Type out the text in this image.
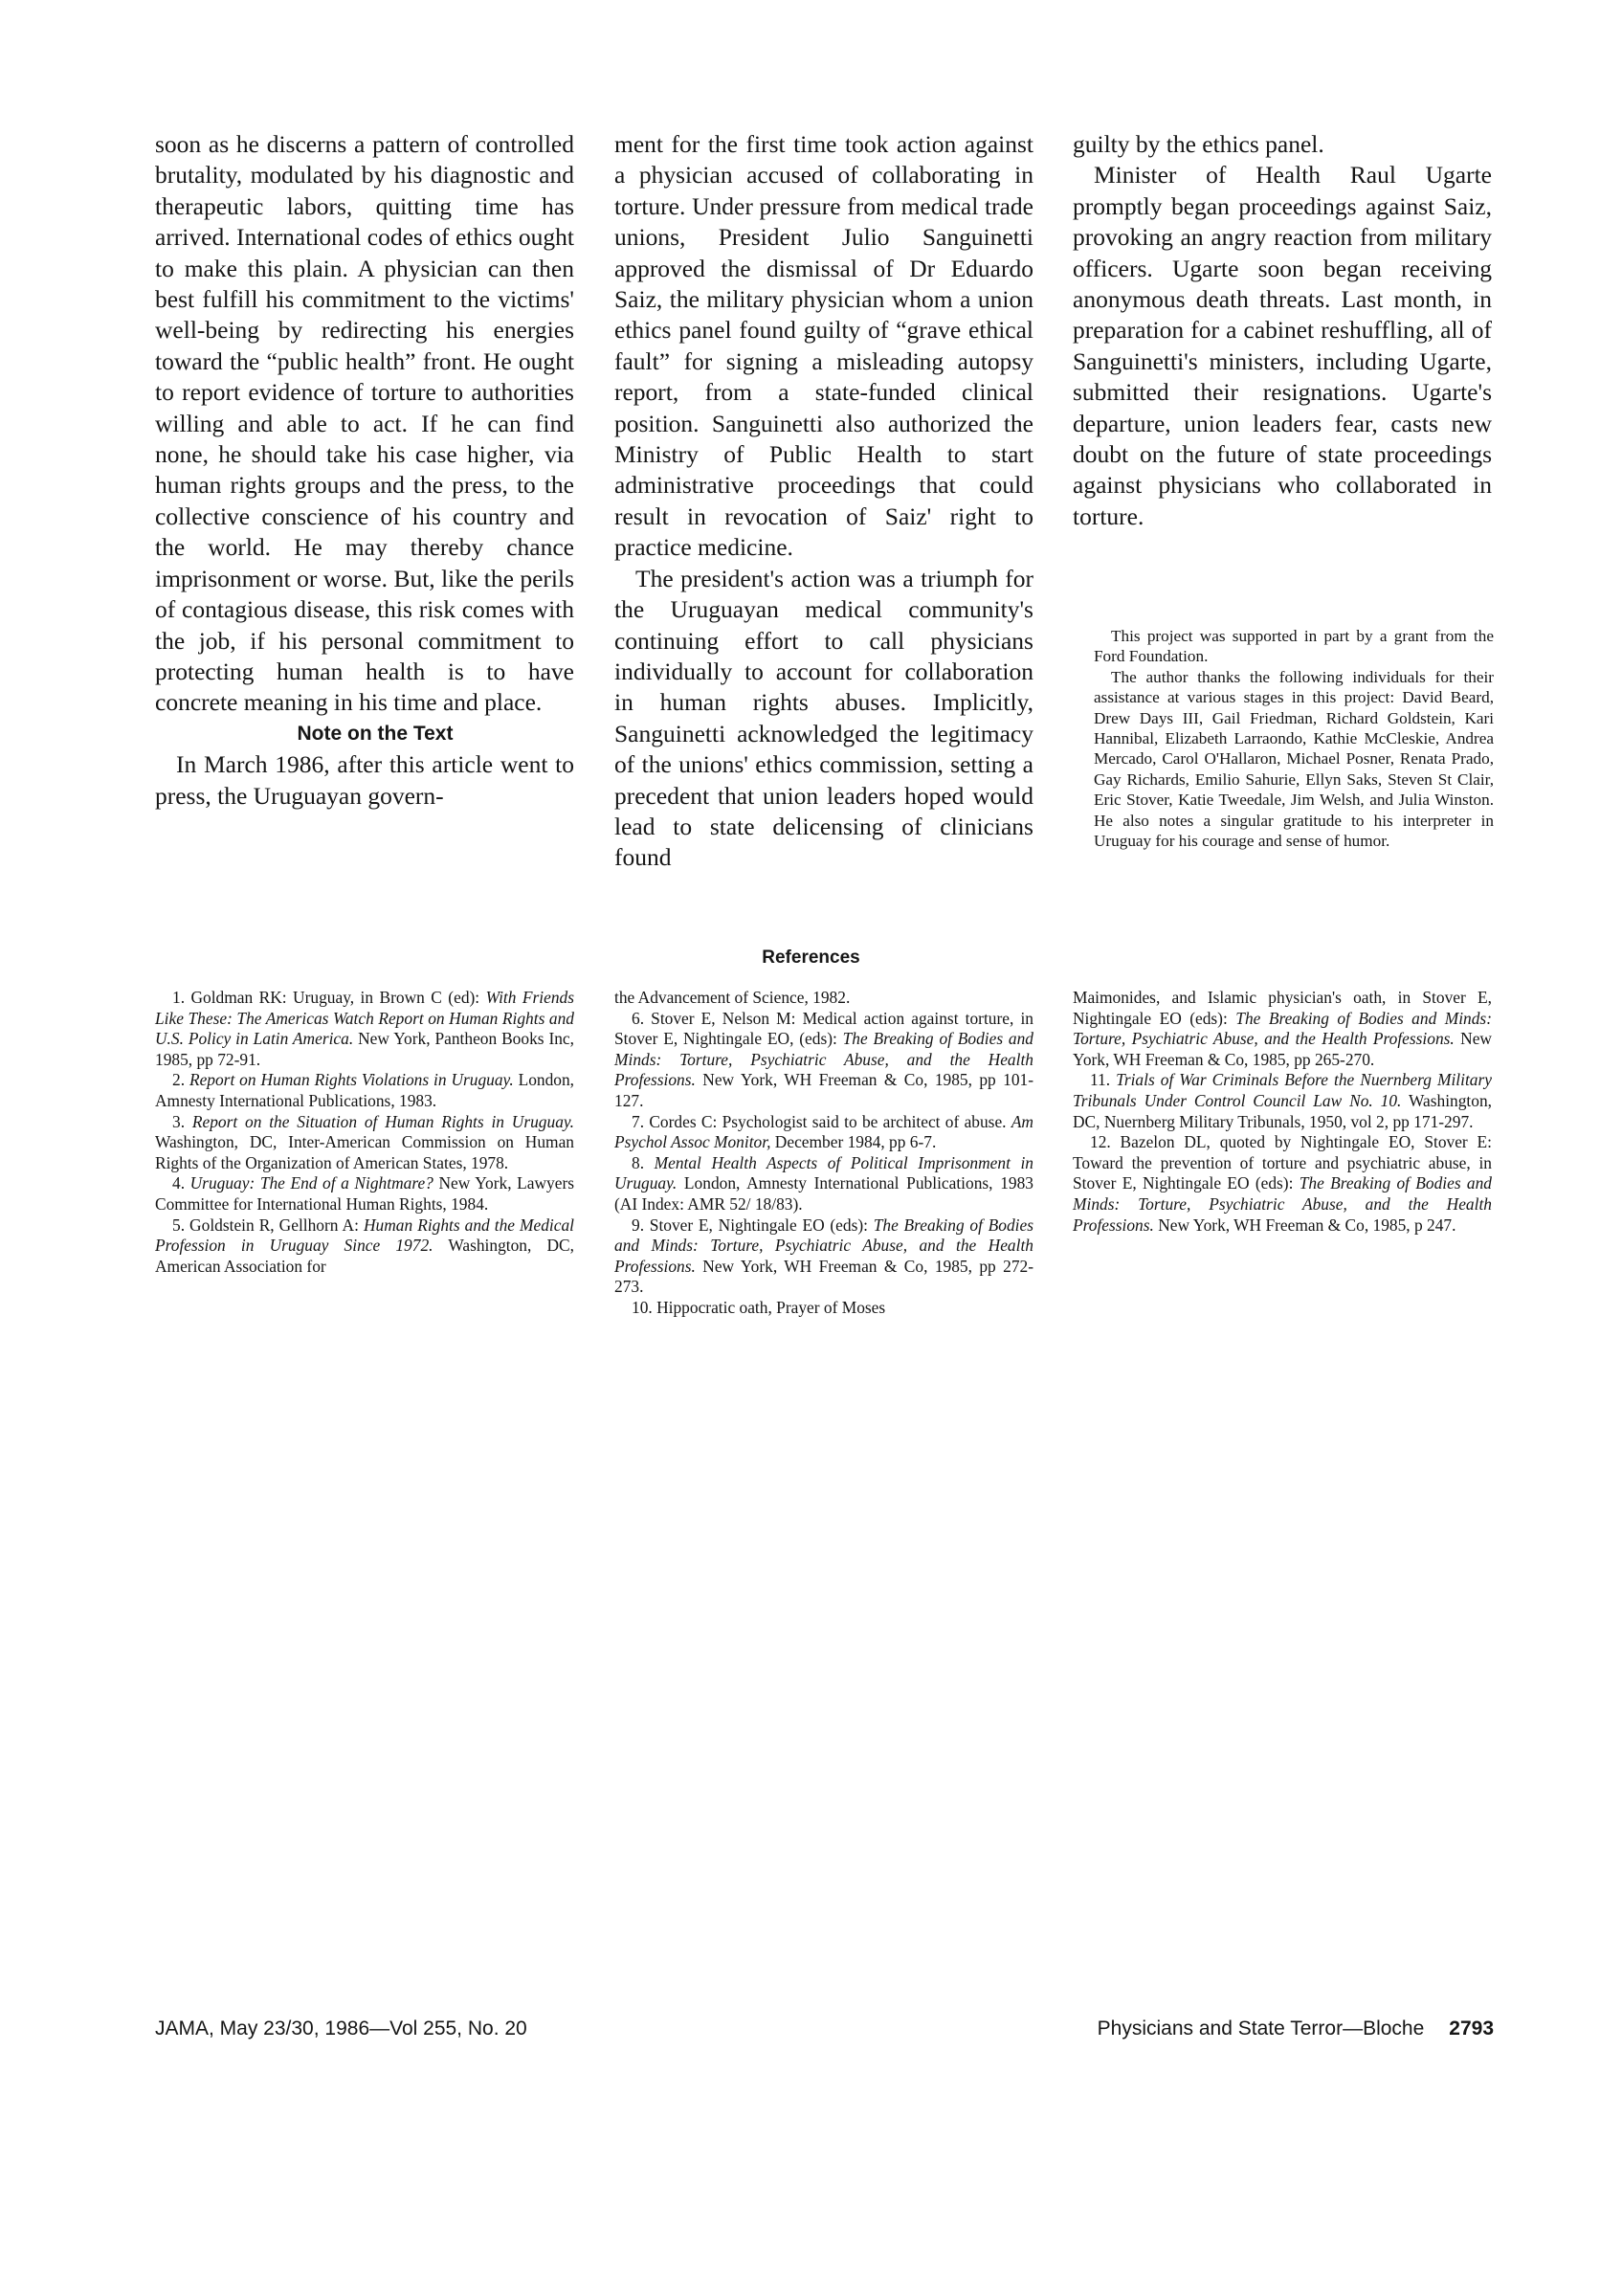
soon as he discerns a pattern of controlled brutality, modulated by his diagnostic and therapeutic labors, quitting time has arrived. International codes of ethics ought to make this plain. A physician can then best fulfill his commitment to the victims' well-being by redirecting his energies toward the “public health” front. He ought to report evidence of torture to authorities willing and able to act. If he can find none, he should take his case higher, via human rights groups and the press, to the collective conscience of his country and the world. He may thereby chance imprisonment or worse. But, like the perils of contagious disease, this risk comes with the job, if his personal commitment to protecting human health is to have concrete meaning in his time and place.

Note on the Text

In March 1986, after this article went to press, the Uruguayan govern-

ment for the first time took action against a physician accused of collaborating in torture. Under pressure from medical trade unions, President Julio Sanguinetti approved the dismissal of Dr Eduardo Saiz, the military physician whom a union ethics panel found guilty of “grave ethical fault” for signing a misleading autopsy report, from a state-funded clinical position. Sanguinetti also authorized the Ministry of Public Health to start administrative proceedings that could result in revocation of Saiz' right to practice medicine.

The president's action was a triumph for the Uruguayan medical community's continuing effort to call physicians individually to account for collaboration in human rights abuses. Implicitly, Sanguinetti acknowledged the legitimacy of the unions' ethics commission, setting a precedent that union leaders hoped would lead to state delicensing of clinicians found

guilty by the ethics panel.

Minister of Health Raul Ugarte promptly began proceedings against Saiz, provoking an angry reaction from military officers. Ugarte soon began receiving anonymous death threats. Last month, in preparation for a cabinet reshuffling, all of Sanguinetti's ministers, including Ugarte, submitted their resignations. Ugarte's departure, union leaders fear, casts new doubt on the future of state proceedings against physicians who collaborated in torture.

This project was supported in part by a grant from the Ford Foundation.

The author thanks the following individuals for their assistance at various stages in this project: David Beard, Drew Days III, Gail Friedman, Richard Goldstein, Kari Hannibal, Elizabeth Larraondo, Kathie McCleskie, Andrea Mercado, Carol O'Hallaron, Michael Posner, Renata Prado, Gay Richards, Emilio Sahurie, Ellyn Saks, Steven St Clair, Eric Stover, Katie Tweedale, Jim Welsh, and Julia Winston. He also notes a singular gratitude to his interpreter in Uruguay for his courage and sense of humor.

References

1. Goldman RK: Uruguay, in Brown C (ed): With Friends Like These: The Americas Watch Report on Human Rights and U.S. Policy in Latin America. New York, Pantheon Books Inc, 1985, pp 72-91.

2. Report on Human Rights Violations in Uruguay. London, Amnesty International Publications, 1983.

3. Report on the Situation of Human Rights in Uruguay. Washington, DC, Inter-American Commission on Human Rights of the Organization of American States, 1978.

4. Uruguay: The End of a Nightmare? New York, Lawyers Committee for International Human Rights, 1984.

5. Goldstein R, Gellhorn A: Human Rights and the Medical Profession in Uruguay Since 1972. Washington, DC, American Association for

the Advancement of Science, 1982.

6. Stover E, Nelson M: Medical action against torture, in Stover E, Nightingale EO, (eds): The Breaking of Bodies and Minds: Torture, Psychiatric Abuse, and the Health Professions. New York, WH Freeman & Co, 1985, pp 101-127.

7. Cordes C: Psychologist said to be architect of abuse. Am Psychol Assoc Monitor, December 1984, pp 6-7.

8. Mental Health Aspects of Political Imprisonment in Uruguay. London, Amnesty International Publications, 1983 (AI Index: AMR 52/ 18/83).

9. Stover E, Nightingale EO (eds): The Breaking of Bodies and Minds: Torture, Psychiatric Abuse, and the Health Professions. New York, WH Freeman & Co, 1985, pp 272-273.

10. Hippocratic oath, Prayer of Moses

Maimonides, and Islamic physician's oath, in Stover E, Nightingale EO (eds): The Breaking of Bodies and Minds: Torture, Psychiatric Abuse, and the Health Professions. New York, WH Freeman & Co, 1985, pp 265-270.

11. Trials of War Criminals Before the Nuernberg Military Tribunals Under Control Council Law No. 10. Washington, DC, Nuernberg Military Tribunals, 1950, vol 2, pp 171-297.

12. Bazelon DL, quoted by Nightingale EO, Stover E: Toward the prevention of torture and psychiatric abuse, in Stover E, Nightingale EO (eds): The Breaking of Bodies and Minds: Torture, Psychiatric Abuse, and the Health Professions. New York, WH Freeman & Co, 1985, p 247.

JAMA, May 23/30, 1986—Vol 255, No. 20	Physicians and State Terror—Bloche 2793
